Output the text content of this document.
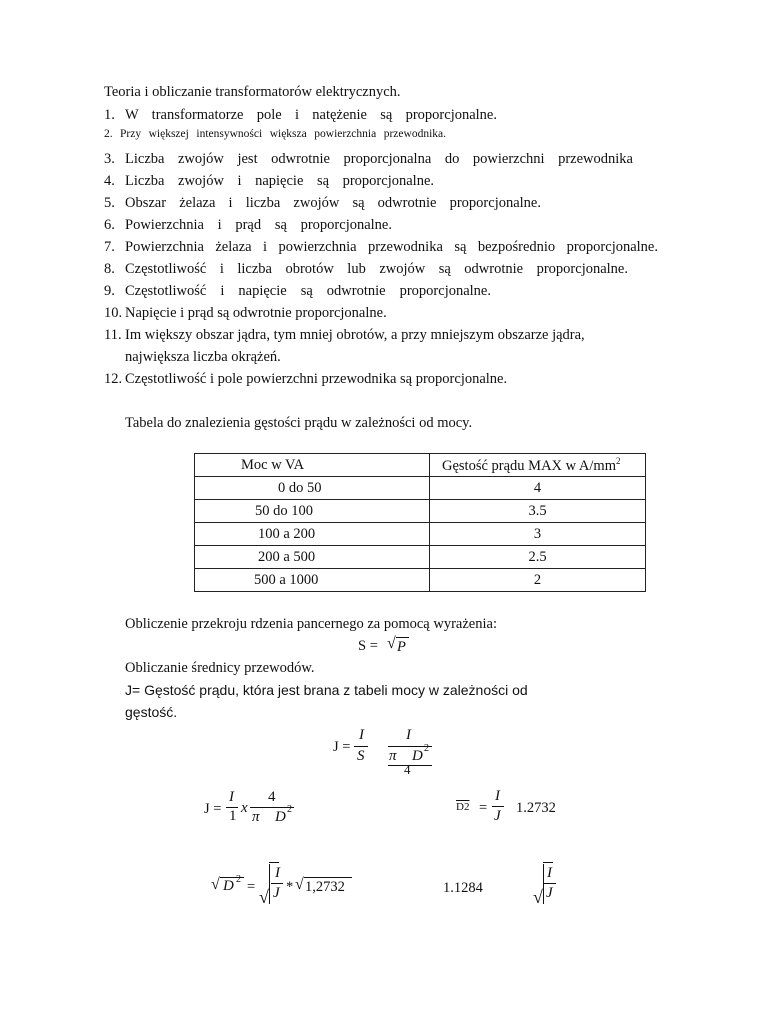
Teoria i obliczanie transformatorów elektrycznych.
1. W transformatorze pole i natężenie są proporcjonalne.
2. Przy większej intensywności większa powierzchnia przewodnika.
3. Liczba zwojów jest odwrotnie proporcjonalna do powierzchni przewodnika
4. Liczba zwojów i napięcie są proporcjonalne.
5. Obszar żelaza i liczba zwojów są odwrotnie proporcjonalne.
6. Powierzchnia i prąd są proporcjonalne.
7. Powierzchnia żelaza i powierzchnia przewodnika są bezpośrednio proporcjonalne.
8. Częstotliwość i liczba obrotów lub zwojów są odwrotnie proporcjonalne.
9. Częstotliwość i napięcie są odwrotnie proporcjonalne.
10. Napięcie i prąd są odwrotnie proporcjonalne.
11. Im większy obszar jądra, tym mniej obrotów, a przy mniejszym obszarze jądra,
największa liczba okrążeń.
12. Częstotliwość i pole powierzchni przewodnika są proporcjonalne.
Tabela do znalezienia gęstości prądu w zależności od mocy.
Moc w VA	Gęstość prądu MAX w $A/mm^2$
0 do 50	4
50 do 100	3.5
100 a 200	3
200 a 500	2.5
500 a 1000	2
Obliczenie przekroju rdzenia pancernego za pomocą wyrażenia:
S = √ P
Obliczanie średnicy przewodów.
J= Gęstość prądu, która jest brana z tabeli mocy w zależności od
gęstość.
J =
I
S
I
π D 2
4
J =
I
1 x
4
π D 2	D2 =
I
J 1.2732
√ D 2 = √
I
J * √ 1,2732	1.1284	√
I
J
